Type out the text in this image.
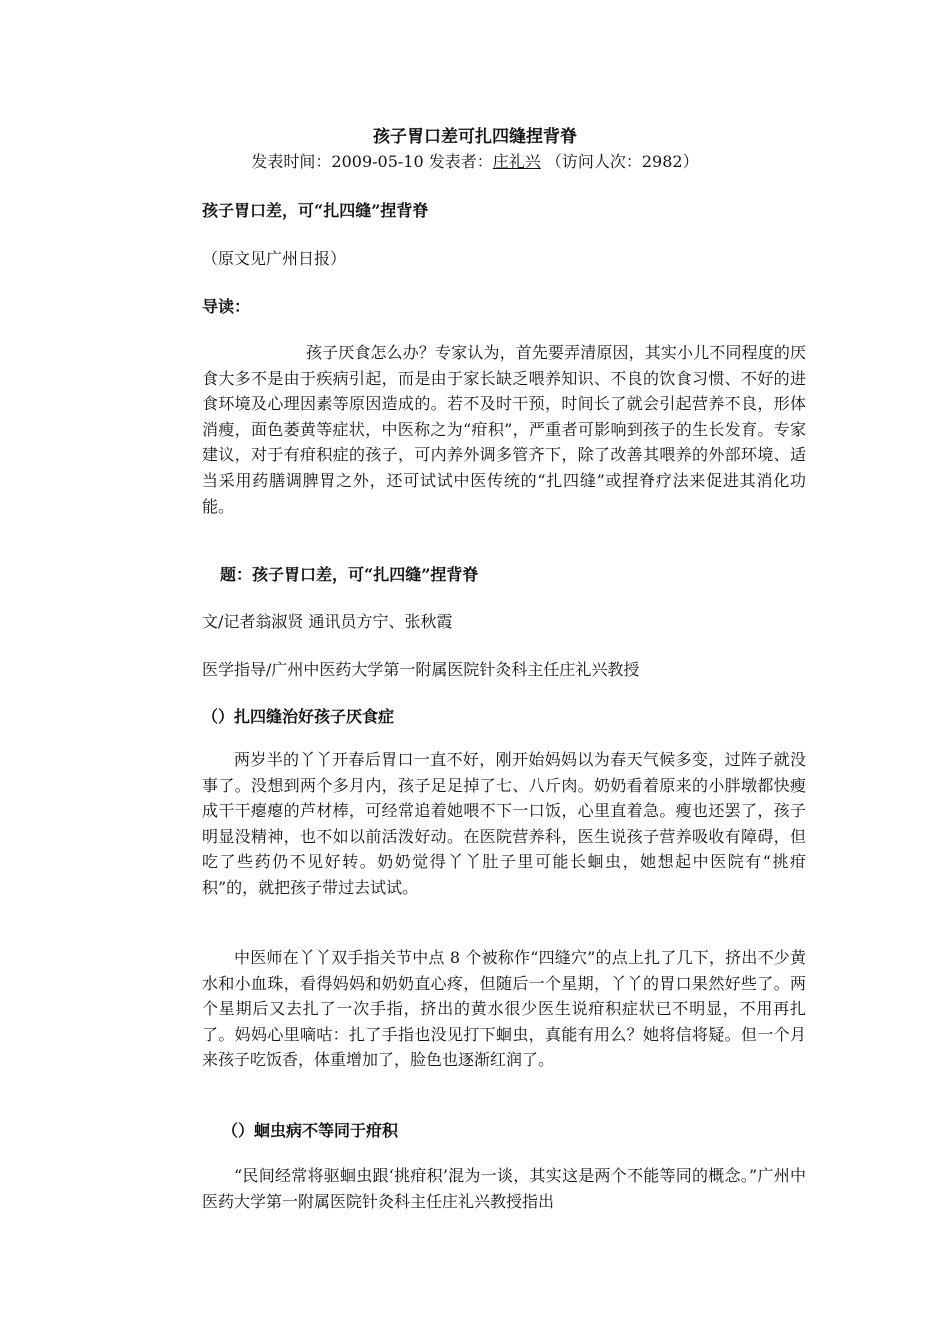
孩子胃口差可扎四缝捏背脊
发表时间：2009-05-10 发表者：庄礼兴 （访问人次：2982）
孩子胃口差，可“扎四缝”捏背脊
（原文见广州日报）
导读：
孩子厌食怎么办？专家认为，首先要弄清原因，其实小儿不同程度的厌食大多不是由于疾病引起，而是由于家长缺乏喂养知识、不良的饮食习惯、不好的进食环境及心理因素等原因造成的。若不及时干预，时间长了就会引起营养不良，形体消瘦，面色萎黄等症状，中医称之为“疳积”，严重者可影响到孩子的生长发育。专家建议，对于有疳积症的孩子，可内养外调多管齐下，除了改善其喂养的外部环境、适当采用药膳调脾胃之外，还可试试中医传统的“扎四缝”或捏脊疗法来促进其消化功能。
题：孩子胃口差，可“扎四缝”捏背脊
文/记者翁淑贤 通讯员方宁、张秋霞
医学指导/广州中医药大学第一附属医院针灸科主任庄礼兴教授
（）扎四缝治好孩子厌食症
两岁半的丫丫开春后胃口一直不好，刚开始妈妈以为春天气候多变，过阵子就没事了。没想到两个多月内，孩子足足掉了七、八斤肉。奶奶看着原来的小胖墩都快瘦成干干瘪瘪的芦材棒，可经常追着她喂不下一口饭，心里直着急。瘦也还罢了，孩子明显没精神，也不如以前活泼好动。在医院营养科，医生说孩子营养吸收有障碍，但吃了些药仍不见好转。奶奶觉得丫丫肚子里可能长蛔虫，她想起中医院有“挑疳积”的，就把孩子带过去试试。
中医师在丫丫双手指关节中点 8 个被称作“四缝穴”的点上扎了几下，挤出不少黄水和小血珠，看得妈妈和奶奶直心疼，但随后一个星期，丫丫的胃口果然好些了。两个星期后又去扎了一次手指，挤出的黄水很少医生说疳积症状已不明显，不用再扎了。妈妈心里嘀咕：扎了手指也没见打下蛔虫，真能有用么？她将信将疑。但一个月来孩子吃饭香，体重增加了，脸色也逐渐红润了。
（）蛔虫病不等同于疳积
“民间经常将驱蛔虫跟‘挑疳积’混为一谈，其实这是两个不能等同的概念。”广州中医药大学第一附属医院针灸科主任庄礼兴教授指出
